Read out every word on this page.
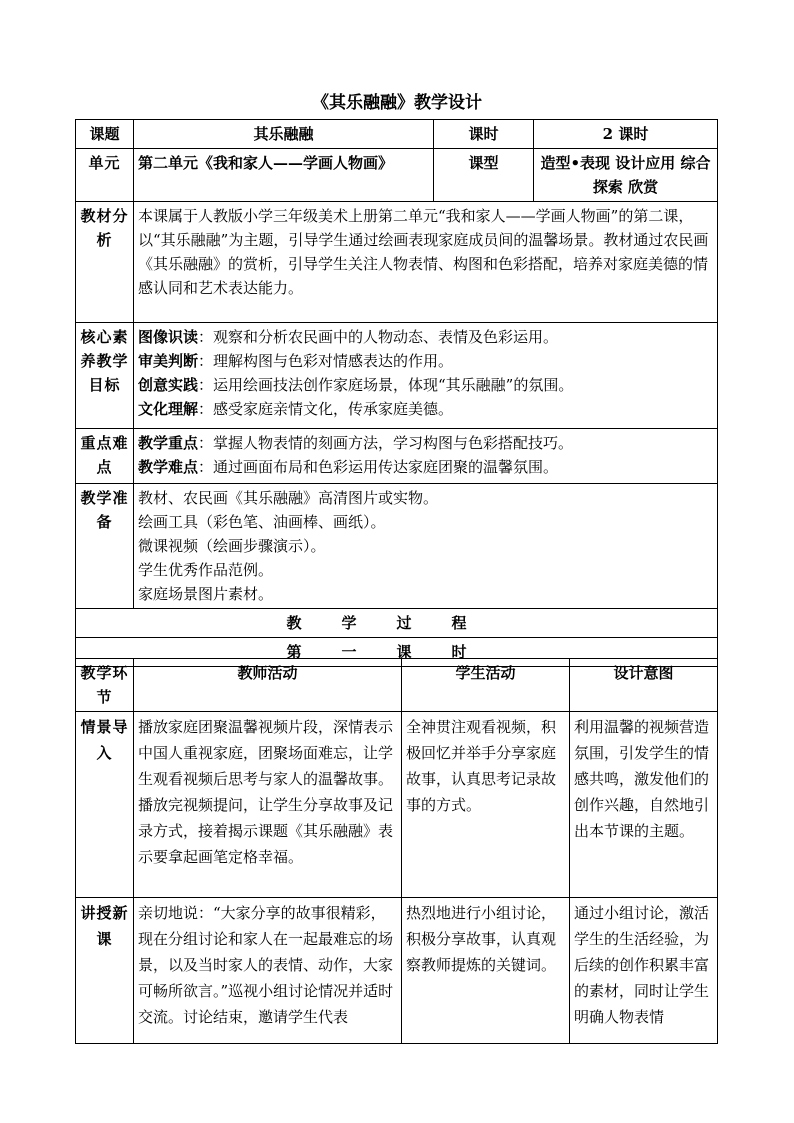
《其乐融融》教学设计
课题	其乐融融	课时	2 课时
单元	第二单元《我和家人——学画人物画》	课型	造型•表现 设计应用 综合探索 欣赏
教材分析	本课属于人教版小学三年级美术上册第二单元“我和家人——学画人物画”的第二课，以“其乐融融”为主题，引导学生通过绘画表现家庭成员间的温馨场景。教材通过农民画《其乐融融》的赏析，引导学生关注人物表情、构图和色彩搭配，培养对家庭美德的情感认同和艺术表达能力。		
核心素养教学目标	图像识读：观察和分析农民画中的人物动态、表情及色彩运用。
审美判断：理解构图与色彩对情感表达的作用。
创意实践：运用绘画技法创作家庭场景，体现“其乐融融”的氛围。
文化理解：感受家庭亲情文化，传承家庭美德。		

重点难点	教学重点：掌握人物表情的刻画方法，学习构图与色彩搭配技巧。
教学难点：通过画面布局和色彩运用传达家庭团聚的温馨氛围。		

教学准备	教材、农民画《其乐融融》高清图片或实物。
绘画工具（彩色笔、油画棒、画纸）。
微课视频（绘画步骤演示）。
学生优秀作品范例。
家庭场景图片素材。		

教学过程			
第一课时			
教学环节	教师活动	学生活动	设计意图
情景导入	播放家庭团聚温馨视频片段，深情表示中国人重视家庭，团聚场面难忘，让学生观看视频后思考与家人的温馨故事。播放完视频提问，让学生分享故事及记录方式，接着揭示课题《其乐融融》表示要拿起画笔定格幸福。	全神贯注观看视频，积极回忆并举手分享家庭故事，认真思考记录故事的方式。	利用温馨的视频营造氛围，引发学生的情感共鸣，激发他们的创作兴趣，自然地引出本节课的主题。
讲授新课	亲切地说：“大家分享的故事很精彩，现在分组讨论和家人在一起最难忘的场景，以及当时家人的表情、动作，大家可畅所欲言。”巡视小组讨论情况并适时交流。讨论结束，邀请学生代表	热烈地进行小组讨论，积极分享故事，认真观察教师提炼的关键词。	通过小组讨论，激活学生的生活经验，为后续的创作积累丰富的素材，同时让学生明确人物表情
